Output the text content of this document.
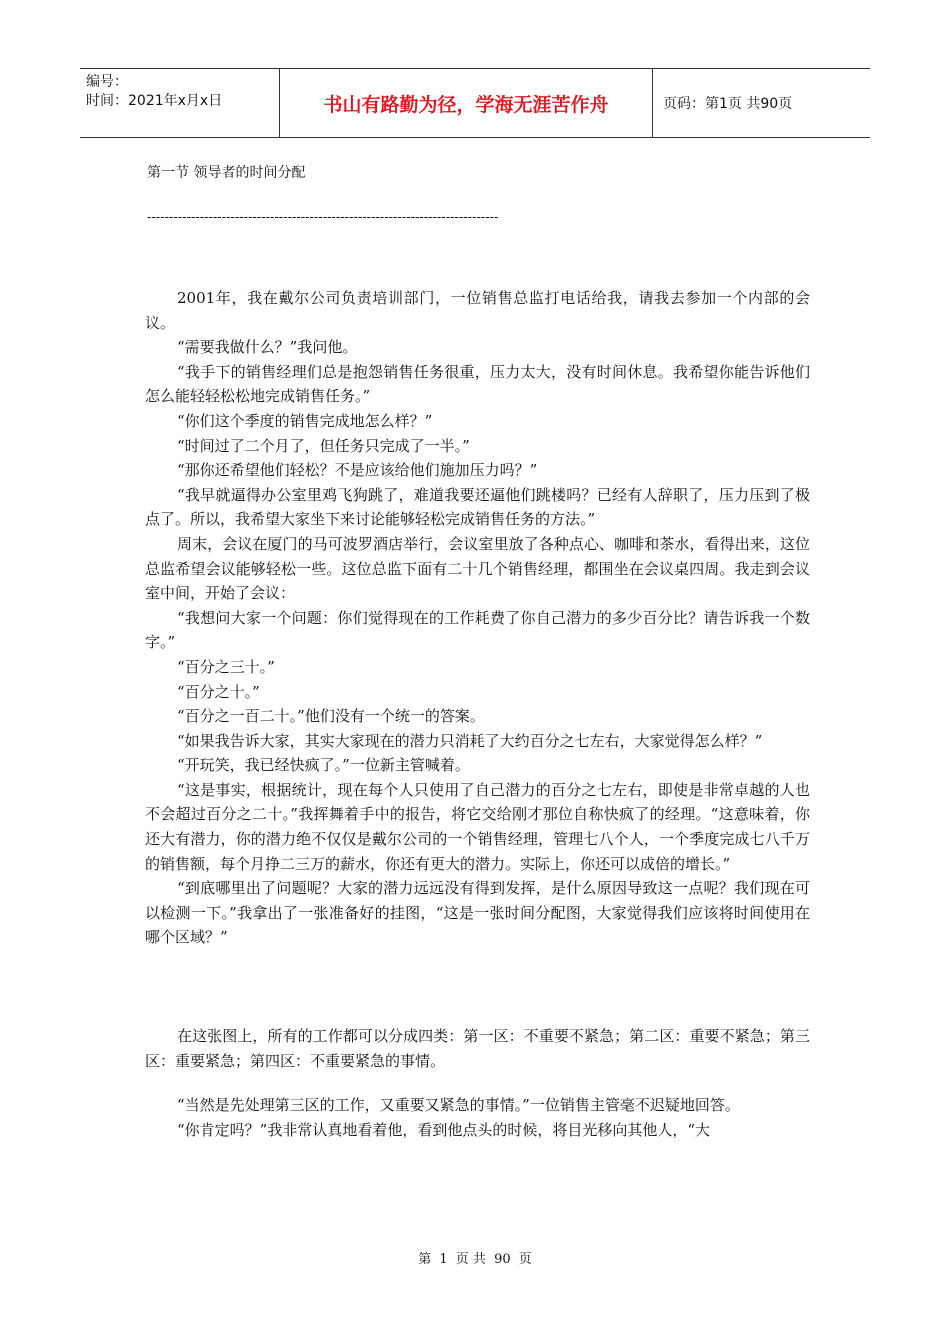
编号：
时间：2021年x月x日	书山有路勤为径，学海无涯苦作舟	页码：第1页 共90页
第一节 领导者的时间分配
--------------------------------------------------------------------------------

2001年，我在戴尔公司负责培训部门，一位销售总监打电话给我，请我去参加一个内部的会议。

“需要我做什么？”我问他。

“我手下的销售经理们总是抱怨销售任务很重，压力太大，没有时间休息。我希望你能告诉他们怎么能轻轻松松地完成销售任务。”

“你们这个季度的销售完成地怎么样？”

“时间过了二个月了，但任务只完成了一半。”

“那你还希望他们轻松？不是应该给他们施加压力吗？”

“我早就逼得办公室里鸡飞狗跳了，难道我要还逼他们跳楼吗？已经有人辞职了，压力压到了极点了。所以，我希望大家坐下来讨论能够轻松完成销售任务的方法。”

周末，会议在厦门的马可波罗酒店举行，会议室里放了各种点心、咖啡和茶水，看得出来，这位总监希望会议能够轻松一些。这位总监下面有二十几个销售经理，都围坐在会议桌四周。我走到会议室中间，开始了会议：

“我想问大家一个问题：你们觉得现在的工作耗费了你自己潜力的多少百分比？请告诉我一个数字。”

“百分之三十。”

“百分之十。”

“百分之一百二十。”他们没有一个统一的答案。

“如果我告诉大家，其实大家现在的潜力只消耗了大约百分之七左右，大家觉得怎么样？”

“开玩笑，我已经快疯了。”一位新主管喊着。

“这是事实，根据统计，现在每个人只使用了自己潜力的百分之七左右，即使是非常卓越的人也不会超过百分之二十。”我挥舞着手中的报告，将它交给刚才那位自称快疯了的经理。“这意味着，你还大有潜力，你的潜力绝不仅仅是戴尔公司的一个销售经理，管理七八个人，一个季度完成七八千万的销售额，每个月挣二三万的薪水，你还有更大的潜力。实际上，你还可以成倍的增长。”

“到底哪里出了问题呢？大家的潜力远远没有得到发挥，是什么原因导致这一点呢？我们现在可以检测一下。”我拿出了一张准备好的挂图，“这是一张时间分配图，大家觉得我们应该将时间使用在哪个区域？”

在这张图上，所有的工作都可以分成四类：第一区：不重要不紧急；第二区：重要不紧急；第三区：重要紧急；第四区：不重要紧急的事情。

“当然是先处理第三区的工作，又重要又紧急的事情。”一位销售主管毫不迟疑地回答。

“你肯定吗？”我非常认真地看着他，看到他点头的时候，将目光移向其他人，“大

第 1 页 共 90 页
